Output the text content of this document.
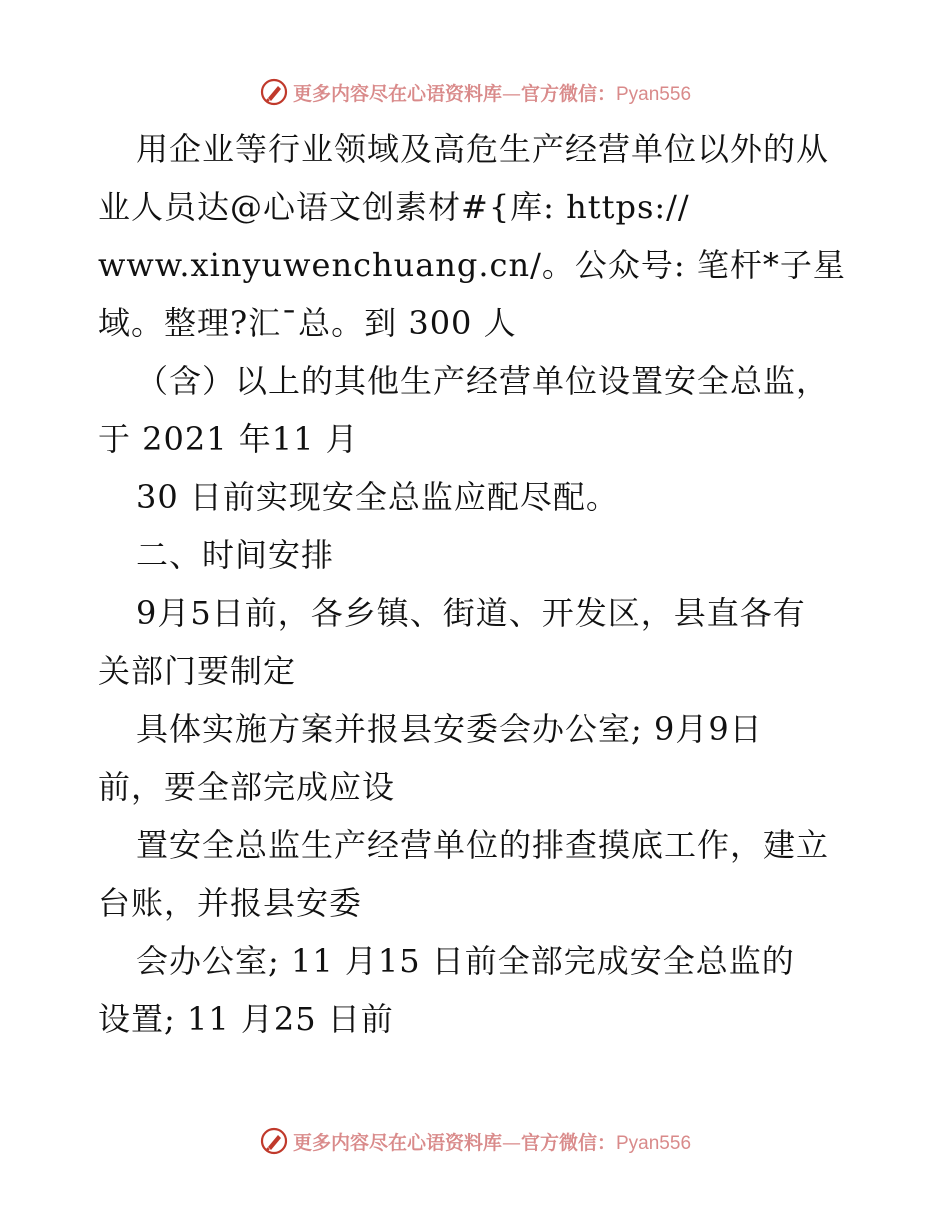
更多内容尽在心语资料库—官方微信：Pyan556
用企业等行业领域及高危生产经营单位以外的从
业人员达@心语文创素材#{库: https://
www.xinyuwenchuang.cn/。公众号: 笔杆*子星
域。整理?汇¯总。到 300 人
（含）以上的其他生产经营单位设置安全总监，
于 2021 年11 月
30 日前实现安全总监应配尽配。
二、时间安排
9月5日前，各乡镇、街道、开发区，县直各有
关部门要制定
具体实施方案并报县安委会办公室; 9月9日
前，要全部完成应设
置安全总监生产经营单位的排查摸底工作，建立
台账，并报县安委
会办公室; 11 月15 日前全部完成安全总监的
设置; 11 月25 日前
更多内容尽在心语资料库—官方微信：Pyan556
